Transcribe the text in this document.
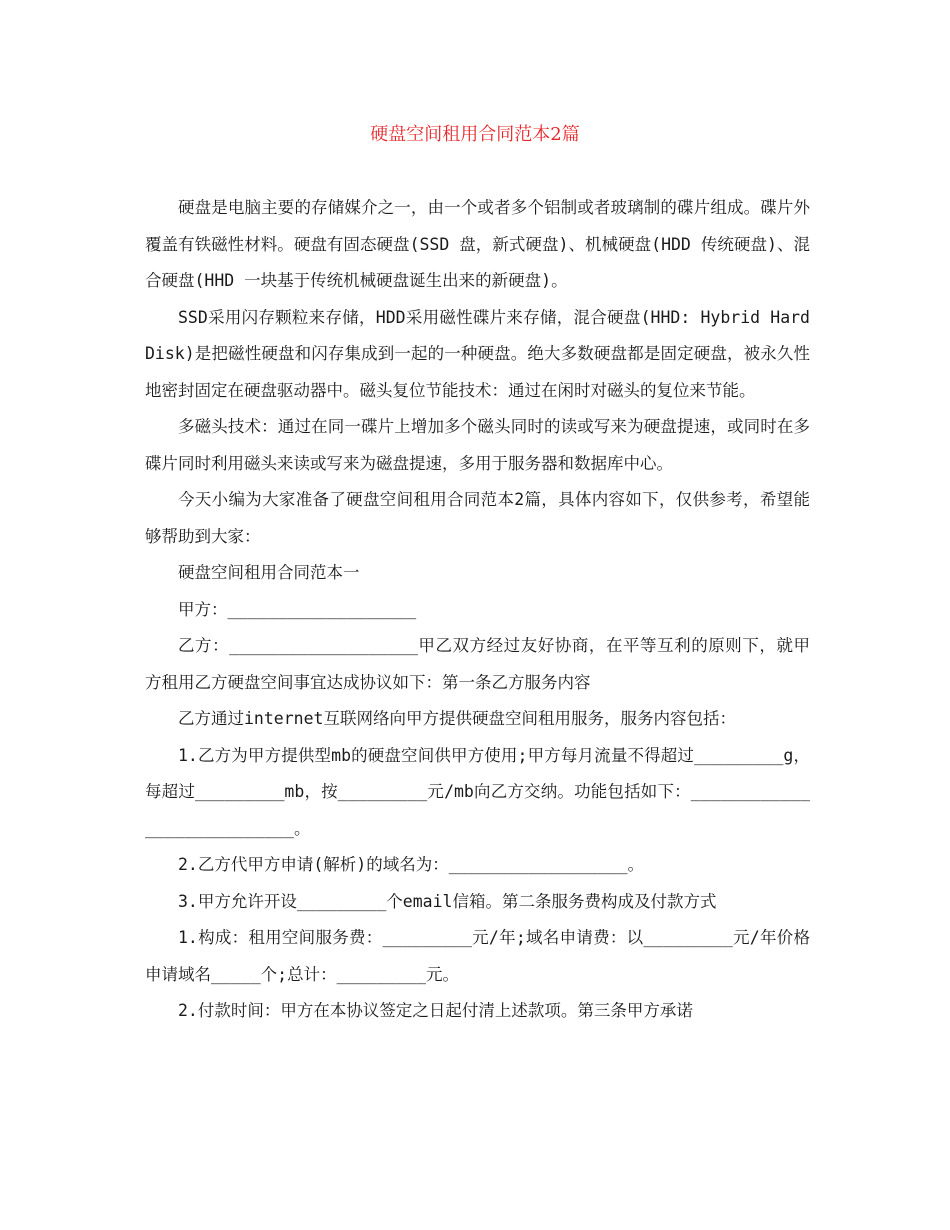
硬盘空间租用合同范本2篇

硬盘是电脑主要的存储媒介之一，由一个或者多个铝制或者玻璃制的碟片组成。碟片外覆盖有铁磁性材料。硬盘有固态硬盘(SSD 盘，新式硬盘)、机械硬盘(HDD 传统硬盘)、混合硬盘(HHD 一块基于传统机械硬盘诞生出来的新硬盘)。

SSD采用闪存颗粒来存储，HDD采用磁性碟片来存储，混合硬盘(HHD: Hybrid Hard Disk)是把磁性硬盘和闪存集成到一起的一种硬盘。绝大多数硬盘都是固定硬盘，被永久性地密封固定在硬盘驱动器中。磁头复位节能技术：通过在闲时对磁头的复位来节能。

多磁头技术：通过在同一碟片上增加多个磁头同时的读或写来为硬盘提速，或同时在多碟片同时利用磁头来读或写来为磁盘提速，多用于服务器和数据库中心。

今天小编为大家准备了硬盘空间租用合同范本2篇，具体内容如下，仅供参考，希望能够帮助到大家：

硬盘空间租用合同范本一

甲方：___________________

乙方：___________________甲乙双方经过友好协商，在平等互利的原则下，就甲方租用乙方硬盘空间事宜达成协议如下：第一条乙方服务内容

乙方通过internet互联网络向甲方提供硬盘空间租用服务，服务内容包括：

1.乙方为甲方提供型mb的硬盘空间供甲方使用;甲方每月流量不得超过_________g，每超过_________mb，按_________元/mb向乙方交纳。功能包括如下：___________________________。

2.乙方代甲方申请(解析)的域名为：__________________。

3.甲方允许开设_________个email信箱。第二条服务费构成及付款方式

1.构成：租用空间服务费：_________元/年;域名申请费：以_________元/年价格申请域名_____个;总计：_________元。

2.付款时间：甲方在本协议签定之日起付清上述款项。第三条甲方承诺
